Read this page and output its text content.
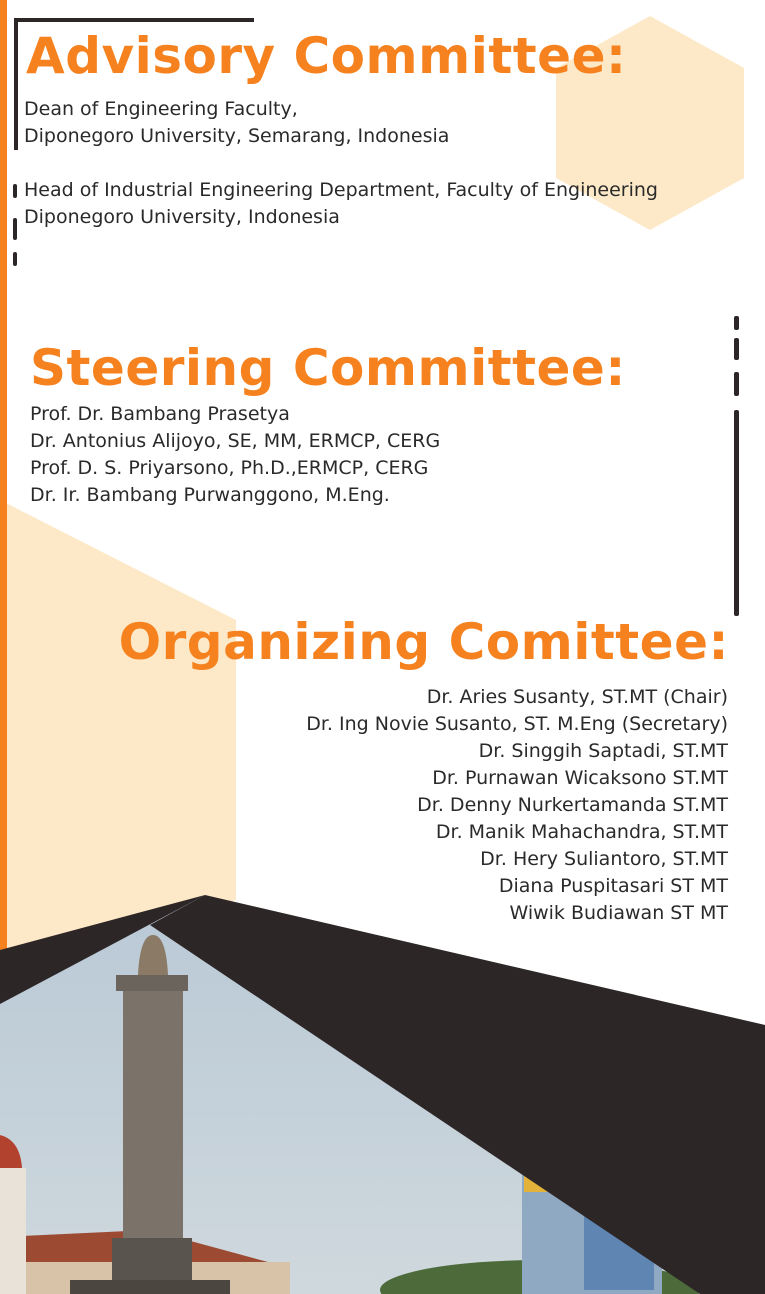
Advisory Committee:
Dean of Engineering Faculty,
Diponegoro University, Semarang, Indonesia
Head of Industrial Engineering Department, Faculty of Engineering
Diponegoro University, Indonesia
Steering Committee:
Prof. Dr. Bambang Prasetya
Dr. Antonius Alijoyo, SE, MM, ERMCP, CERG
Prof. D. S. Priyarsono, Ph.D.,ERMCP, CERG
Dr. Ir. Bambang Purwanggono, M.Eng.
Organizing Comittee:
Dr. Aries Susanty, ST.MT (Chair)
Dr. Ing Novie Susanto, ST. M.Eng (Secretary)
Dr. Singgih Saptadi, ST.MT
Dr. Purnawan Wicaksono ST.MT
Dr. Denny Nurkertamanda ST.MT
Dr. Manik Mahachandra, ST.MT
Dr. Hery Suliantoro, ST.MT
Diana Puspitasari ST MT
Wiwik Budiawan ST MT
